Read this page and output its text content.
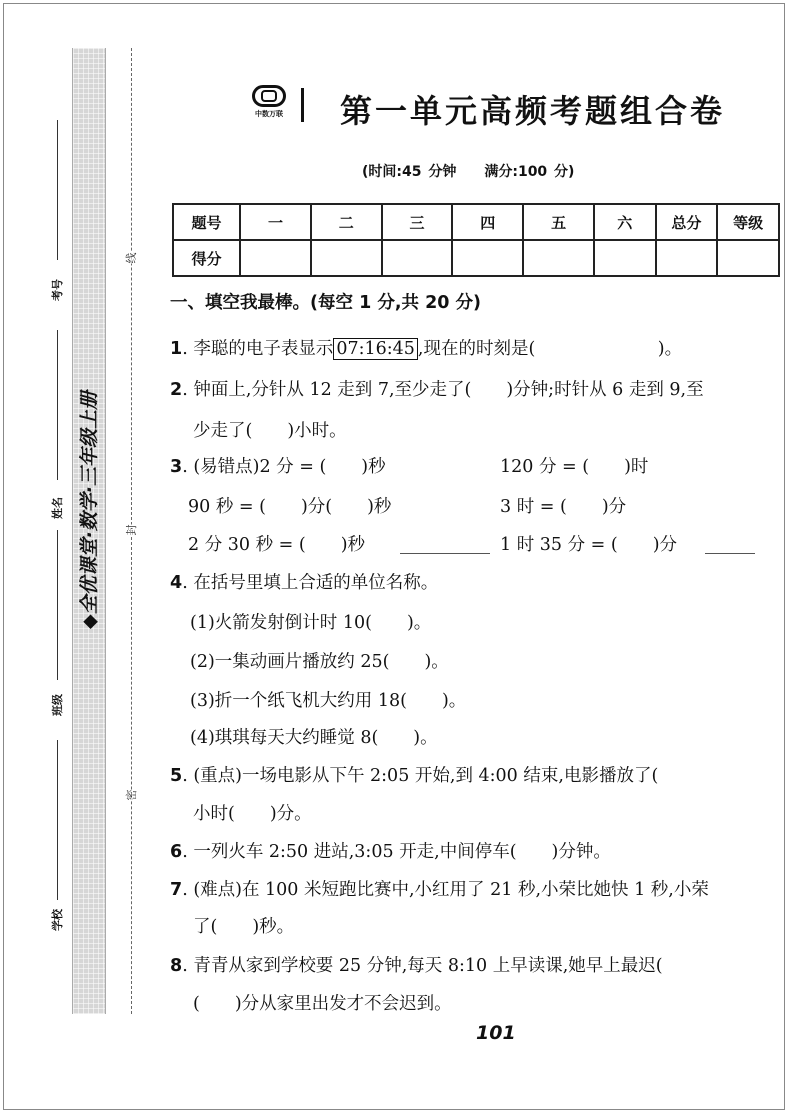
◆全优课堂·数学·三年级上册
考号
姓名
班级
学校
线
封
密
中数万联	第一单元高频考题组合卷
(时间:45 分钟　　满分:100 分)
题号	一	二	三	四	五	六	总分	等级
得分								
一、填空我最棒。(每空 1 分,共 20 分)
1. 李聪的电子表显示 07:16:45 ,现在的时刻是(　　　　　　　)。
2. 钟面上,分针从 12 走到 7,至少走了(　　)分钟;时针从 6 走到 9,至
少走了(　　)小时。
3. (易错点)2 分 = (　　)秒	120 分 = (　　)时
90 秒 = (　　)分(　　)秒	3 时 = (　　)分
2 分 30 秒 = (　　)秒	1 时 35 分 = (　　)分
4. 在括号里填上合适的单位名称。
(1)火箭发射倒计时 10(　　)。
(2)一集动画片播放约 25(　　)。
(3)折一个纸飞机大约用 18(　　)。
(4)琪琪每天大约睡觉 8(　　)。
5. (重点)一场电影从下午 2:05 开始,到 4:00 结束,电影播放了(
小时(　　)分。
6. 一列火车 2:50 进站,3:05 开走,中间停车(　　)分钟。
7. (难点)在 100 米短跑比赛中,小红用了 21 秒,小荣比她快 1 秒,小荣
了(　　)秒。
8. 青青从家到学校要 25 分钟,每天 8:10 上早读课,她早上最迟(
(　　)分从家里出发才不会迟到。
101
